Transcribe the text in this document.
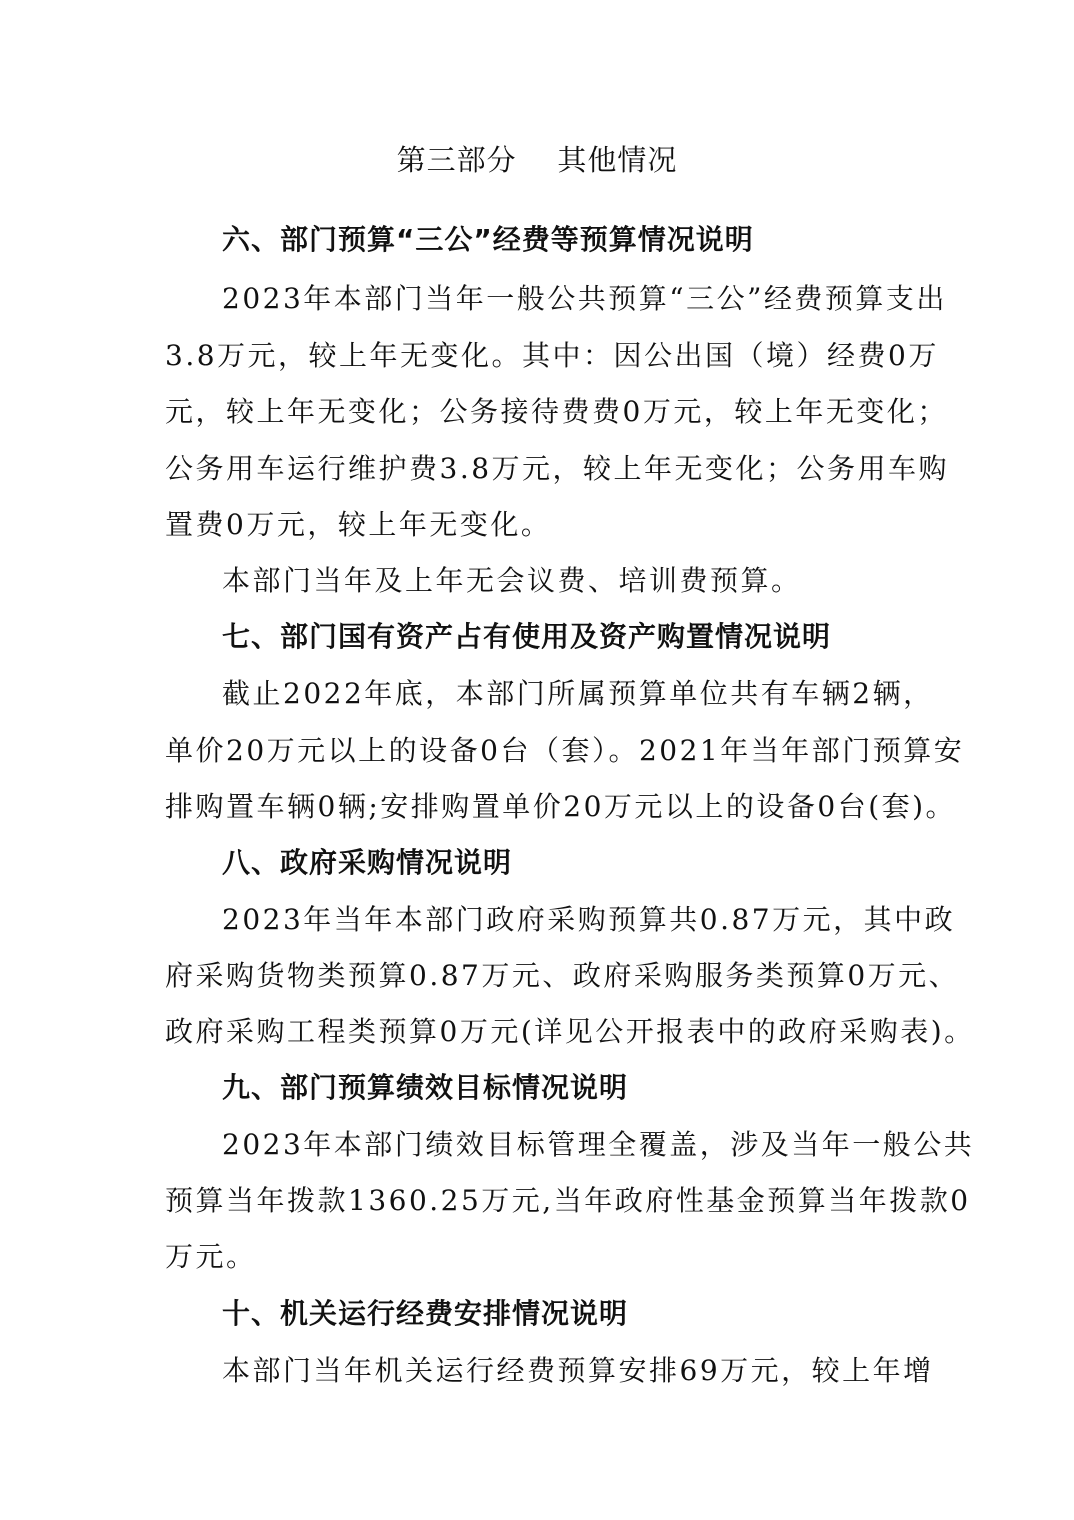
第三部分    其他情况
六、部门预算“三公”经费等预算情况说明
2023年本部门当年一般公共预算“三公”经费预算支出
3.8万元，较上年无变化。其中：因公出国（境）经费0万
元，较上年无变化；公务接待费费0万元，较上年无变化；
公务用车运行维护费3.8万元，较上年无变化；公务用车购
置费0万元，较上年无变化。
本部门当年及上年无会议费、培训费预算。
七、部门国有资产占有使用及资产购置情况说明
截止2022年底，本部门所属预算单位共有车辆2辆，
单价20万元以上的设备0台（套）。2021年当年部门预算安
排购置车辆0辆;安排购置单价20万元以上的设备0台(套)。
八、政府采购情况说明
2023年当年本部门政府采购预算共0.87万元，其中政
府采购货物类预算0.87万元、政府采购服务类预算0万元、
政府采购工程类预算0万元(详见公开报表中的政府采购表)。
九、部门预算绩效目标情况说明
2023年本部门绩效目标管理全覆盖，涉及当年一般公共
预算当年拨款1360.25万元,当年政府性基金预算当年拨款0
万元。
十、机关运行经费安排情况说明
本部门当年机关运行经费预算安排69万元，较上年增
